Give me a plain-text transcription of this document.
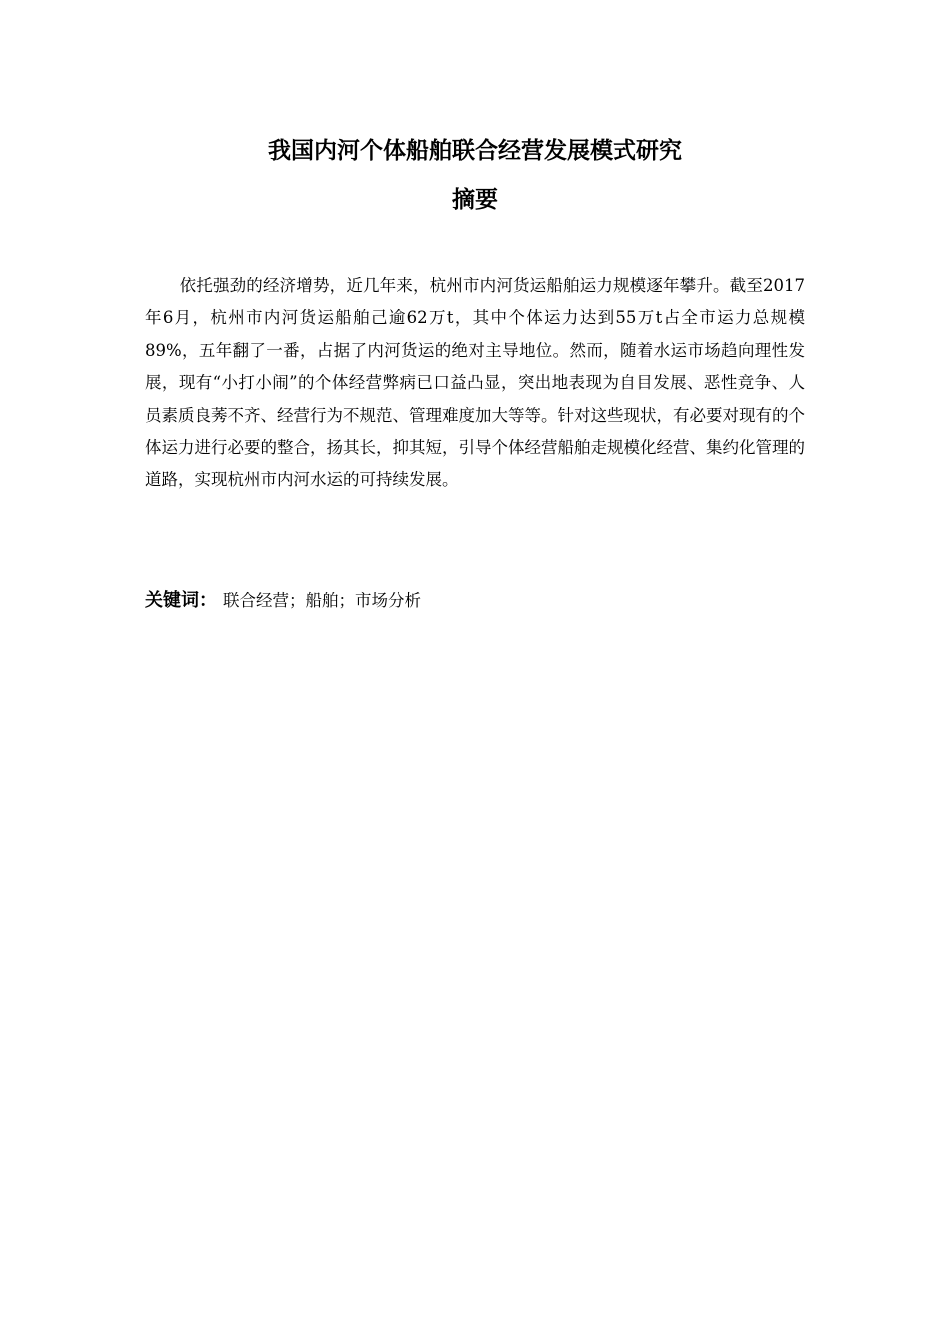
我国内河个体船舶联合经营发展模式研究
摘要

依托强劲的经济增势，近几年来，杭州市内河货运船舶运力规模逐年攀升。截至2017年6月，杭州市内河货运船舶己逾62万t，其中个体运力达到55万t占全市运力总规模89%，五年翻了一番，占据了内河货运的绝对主导地位。然而，随着水运市场趋向理性发展，现有“小打小闹”的个体经营弊病已口益凸显，突出地表现为自目发展、恶性竞争、人员素质良莠不齐、经营行为不规范、管理难度加大等等。针对这些现状，有必要对现有的个体运力进行必要的整合，扬其长，抑其短，引导个体经营船舶走规模化经营、集约化管理的道路，实现杭州市内河水运的可持续发展。

关键词： 联合经营；船舶；市场分析
